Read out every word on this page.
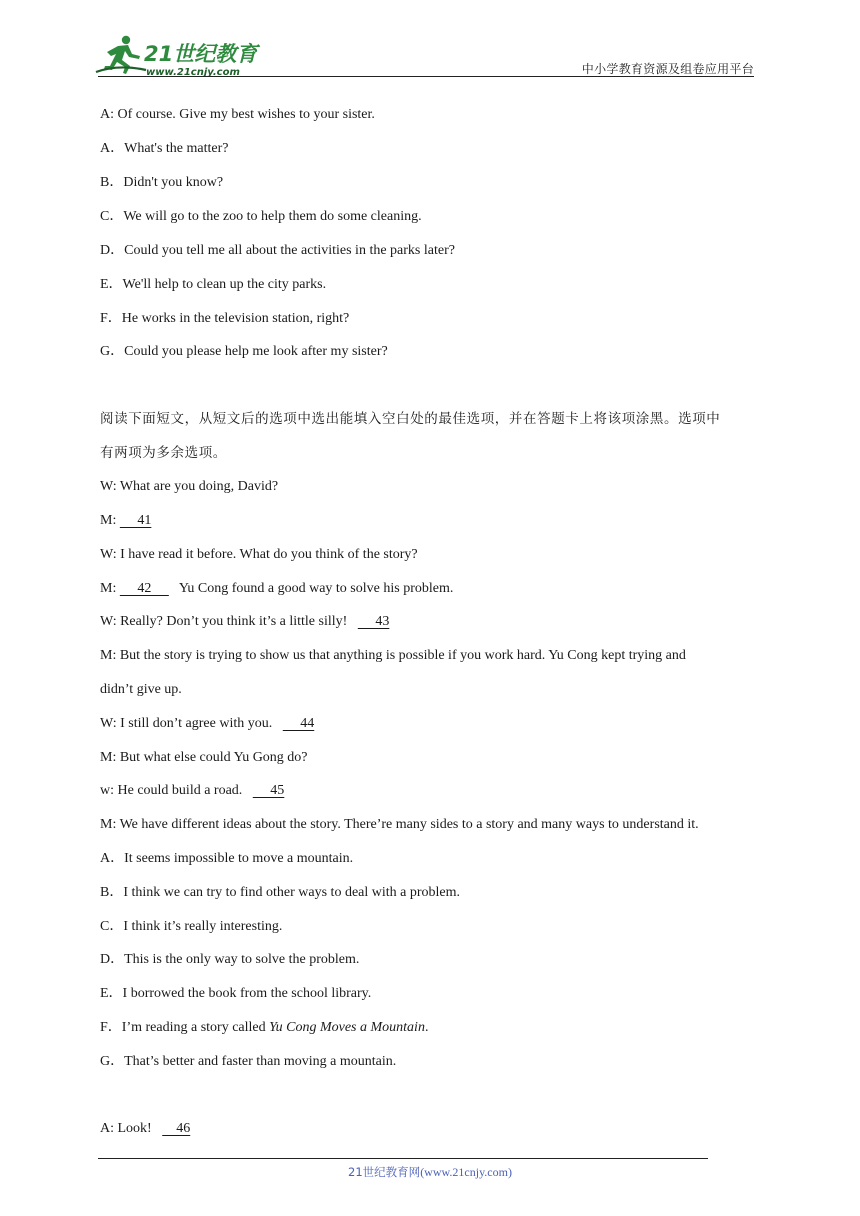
21世纪教育
www.21cnjy.com	中小学教育资源及组卷应用平台
A: Of course. Give my best wishes to your sister.
A．What's the matter?
B．Didn't you know?
C．We will go to the zoo to help them do some cleaning.
D．Could you tell me all about the activities in the parks later?
E．We'll help to clean up the city parks.
F．He works in the television station, right?
G．Could you please help me look after my sister?
阅读下面短文，从短文后的选项中选出能填入空白处的最佳选项，并在答题卡上将该项涂黑。选项中
有两项为多余选项。
W: What are you doing, David?
M:      41
W: I have read it before. What do you think of the story?
M:      42        Yu Cong found a good way to solve his problem.
W: Really? Don’t you think it’s a little silly!        43
M: But the story is trying to show us that anything is possible if you work hard. Yu Cong kept trying and
didn’t give up.
W: I still don’t agree with you.        44
M: But what else could Yu Gong do?
w: He could build a road.        45
M: We have different ideas about the story. There’re many sides to a story and many ways to understand it.
A．It seems impossible to move a mountain.
B．I think we can try to find other ways to deal with a problem.
C．I think it’s really interesting.
D．This is the only way to solve the problem.
E．I borrowed the book from the school library.
F．I’m reading a story called Yu Cong Moves a Mountain.
G．That’s better and faster than moving a mountain.
A: Look!       46
21世纪教育网(www.21cnjy.com)
